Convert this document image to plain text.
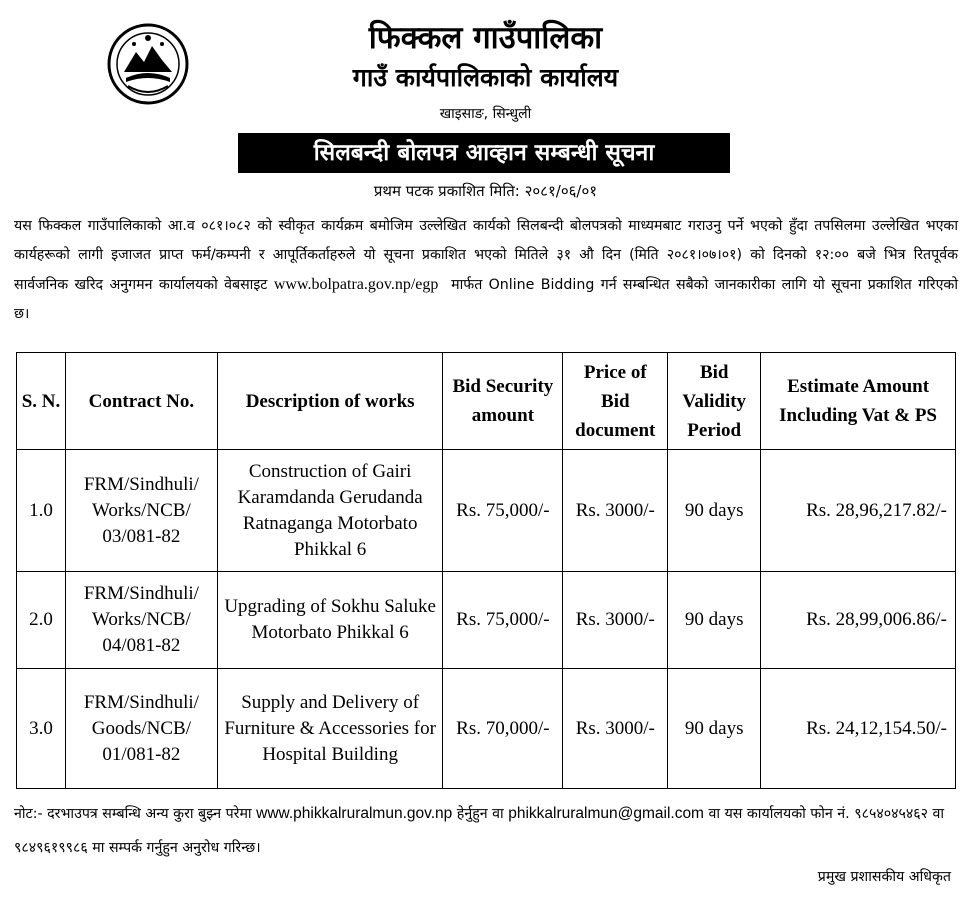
फिक्कल गाउँपालिका
गाउँ कार्यपालिकाको कार्यालय
खाइसाङ, सिन्धुली
सिलबन्दी बोलपत्र आव्हान सम्बन्धी सूचना
प्रथम पटक प्रकाशित मिति: २०८१/०६/०१
यस फिक्कल गाउँपालिकाको आ.व ०८१।०८२ को स्वीकृत कार्यक्रम बमोजिम उल्लेखित कार्यको सिलबन्दी बोलपत्रको माध्यमबाट गराउनु पर्ने भएको हुँदा तपसिलमा उल्लेखित भएका कार्यहरूको लागी इजाजत प्राप्त फर्म/कम्पनी र आपूर्तिकर्ताहरुले यो सूचना प्रकाशित भएको मितिले ३१ औ दिन (मिति २०८१।०७।०१) को दिनको १२:०० बजे भित्र रितपूर्वक सार्वजनिक खरिद अनुगमन कार्यालयको वेबसाइट www.bolpatra.gov.np/egp मार्फत Online Bidding गर्न सम्बन्धित सबैको जानकारीका लागि यो सूचना प्रकाशित गरिएको छ।
S. N.	Contract No.	Description of works	Bid Security amount	Price of Bid document	Bid Validity Period	Estimate Amount Including Vat & PS
1.0	FRM/Sindhuli/ Works/NCB/ 03/081-82	Construction of Gairi Karamdanda Gerudanda Ratnaganga Motorbato Phikkal 6	Rs. 75,000/-	Rs. 3000/-	90 days	Rs. 28,96,217.82/-
2.0	FRM/Sindhuli/ Works/NCB/ 04/081-82	Upgrading of Sokhu Saluke Motorbato Phikkal 6	Rs. 75,000/-	Rs. 3000/-	90 days	Rs. 28,99,006.86/-
3.0	FRM/Sindhuli/ Goods/NCB/ 01/081-82	Supply and Delivery of Furniture & Accessories for Hospital Building	Rs. 70,000/-	Rs. 3000/-	90 days	Rs. 24,12,154.50/-
नोट:- दरभाउपत्र सम्बन्धि अन्य कुरा बुझ्न परेमा www.phikkalruralmun.gov.np हेर्नुहुन वा phikkalruralmun@gmail.com वा यस कार्यालयको फोन नं. ९८५४०४५४६२ वा ९८४९६१९९८६ मा सम्पर्क गर्नुहुन अनुरोध गरिन्छ।
प्रमुख प्रशासकीय अधिकृत
